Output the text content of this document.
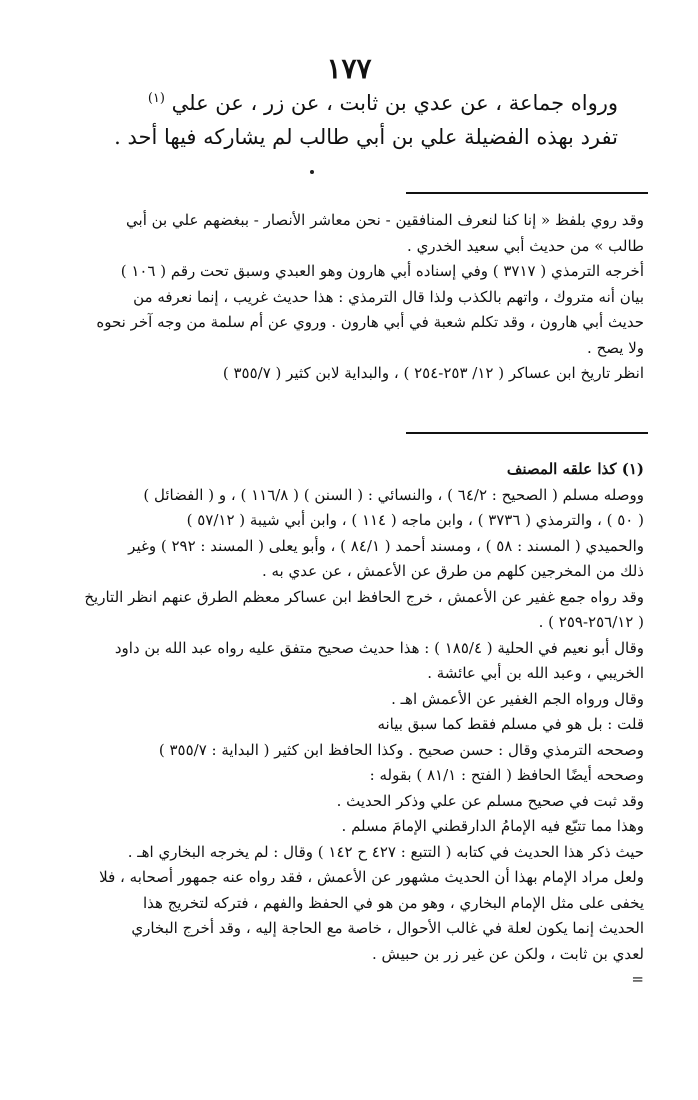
١٧٧

ورواه جماعة ، عن عدي بن ثابت ، عن زر ، عن علي $^{(١)}$

تفرد بهذه الفضيلة علي بن أبي طالب لم يشاركه فيها أحد .

وقد روي بلفظ « إنا كنا لنعرف المنافقين - نحن معاشر الأنصار - ببغضهم علي بن أبي

طالب » من حديث أبي سعيد الخدري .

أخرجه الترمذي ( ٣٧١٧ ) وفي إسناده أبي هارون وهو العبدي وسبق تحت رقم ( ١٠٦ )

بيان أنه متروك ، واتهم بالكذب ولذا قال الترمذي : هذا حديث غريب ، إنما نعرفه من

حديث أبي هارون ، وقد تكلم شعبة في أبي هارون . وروي عن أم سلمة من وجه آخر نحوه

ولا يصح .

انظر تاريخ ابن عساكر ( ١٢/ ٢٥٣-٢٥٤ ) ، والبداية لابن كثير ( ٣٥٥/٧ )

(١) كذا علقه المصنف

ووصله مسلم ( الصحيح : ٦٤/٢ ) ، والنسائي : ( السنن ) ( ١١٦/٨ ) ، و ( الفضائل )

( ٥٠ ) ، والترمذي ( ٣٧٣٦ ) ، وابن ماجه ( ١١٤ ) ، وابن أبي شيبة ( ٥٧/١٢ )

والحميدي ( المسند : ٥٨ ) ، ومسند أحمد ( ٨٤/١ ) ، وأبو يعلى ( المسند : ٢٩٢ ) وغير

ذلك من المخرجين كلهم من طرق عن الأعمش ، عن عدي به .

وقد رواه جمع غفير عن الأعمش ، خرج الحافظ ابن عساكر معظم الطرق عنهم انظر التاريخ

( ٢٥٦/١٢-٢٥٩ ) .

وقال أبو نعيم في الحلية ( ١٨٥/٤ ) : هذا حديث صحيح متفق عليه رواه عبد الله بن داود

الخريبي ، وعبد الله بن أبي عائشة .

وقال ورواه الجم الغفير عن الأعمش اهـ .

قلت : بل هو في مسلم فقط كما سبق بيانه

وصححه الترمذي وقال : حسن صحيح . وكذا الحافظ ابن كثير ( البداية : ٣٥٥/٧ )

وصححه أيضًا الحافظ ( الفتح : ٨١/١ ) بقوله :

وقد ثبت في صحيح مسلم عن علي وذكر الحديث .

وهذا مما تتبّع فيه الإمامُ الدارقطني الإمامَ مسلم .

حيث ذكر هذا الحديث في كتابه ( التتبع : ٤٢٧ ح ١٤٢ ) وقال : لم يخرجه البخاري اهـ .

ولعل مراد الإمام بهذا أن الحديث مشهور عن الأعمش ، فقد رواه عنه جمهور أصحابه ، فلا

يخفى على مثل الإمام البخاري ، وهو من هو في الحفظ والفهم ، فتركه لتخريج هذا

الحديث إنما يكون لعلة في غالب الأحوال ، خاصة مع الحاجة إليه ، وقد أخرج البخاري

لعدي بن ثابت ، ولكن عن غير زر بن حبيش .

=
